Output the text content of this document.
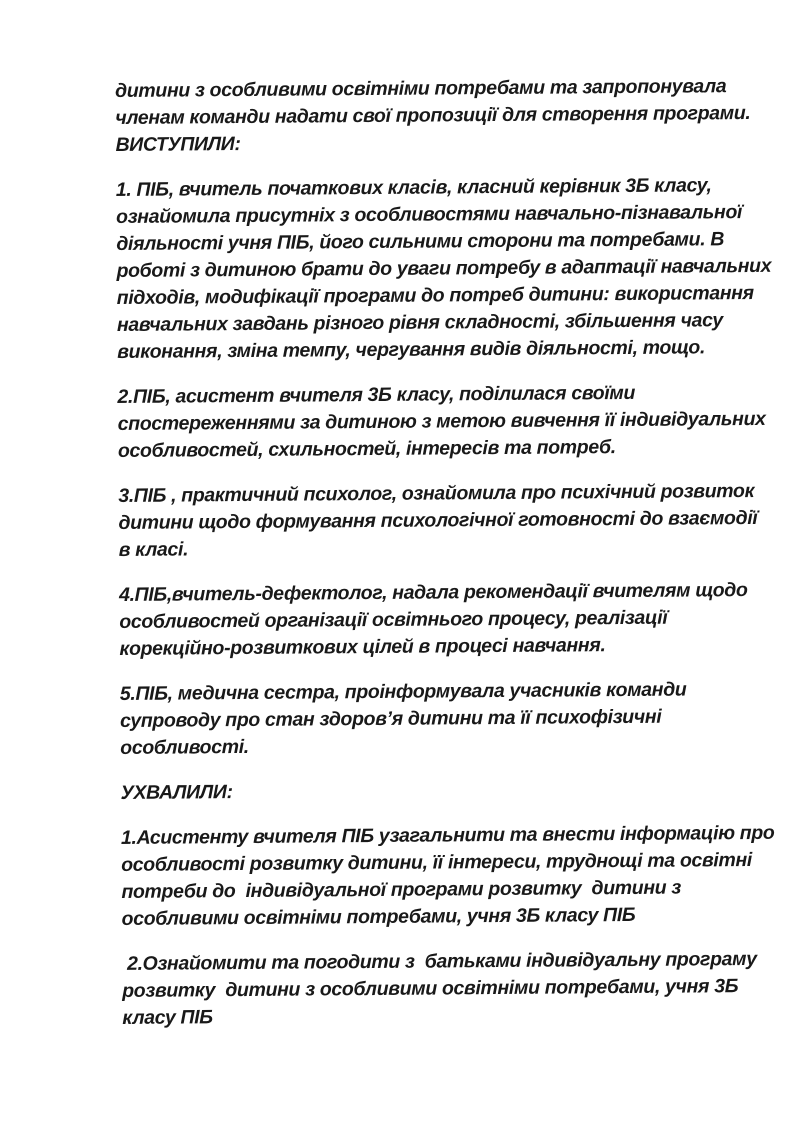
дитини з особливими освітніми потребами та запропонувала
членам команди надати свої пропозиції для створення програми.
ВИСТУПИЛИ:
1. ПІБ, вчитель початкових класів, класний керівник 3Б класу,
ознайомила присутніх з особливостями навчально-пізнавальної
діяльності учня ПІБ, його сильними сторони та потребами. В
роботі з дитиною брати до уваги потребу в адаптації навчальних
підходів, модифікації програми до потреб дитини: використання
навчальних завдань різного рівня складності, збільшення часу
виконання, зміна темпу, чергування видів діяльності, тощо.
2.ПІБ, асистент вчителя 3Б класу, поділилася своїми
спостереженнями за дитиною з метою вивчення її індивідуальних
особливостей, схильностей, інтересів та потреб.
3.ПІБ , практичний психолог, ознайомила про психічний розвиток
дитини щодо формування психологічної готовності до взаємодії
в класі.
4.ПІБ,вчитель-дефектолог, надала рекомендації вчителям щодо
особливостей організації освітнього процесу, реалізації
корекційно-розвиткових цілей в процесі навчання.
5.ПІБ, медична сестра, проінформувала учасників команди
супроводу про стан здоров’я дитини та її психофізичні
особливості.
УХВАЛИЛИ:
1.Асистенту вчителя ПІБ узагальнити та внести інформацію про
особливості розвитку дитини, її інтереси, труднощі та освітні
потреби до  індивідуальної програми розвитку  дитини з
особливими освітніми потребами, учня 3Б класу ПІБ
2.Ознайомити та погодити з  батьками індивідуальну програму
розвитку  дитини з особливими освітніми потребами, учня 3Б
класу ПІБ
